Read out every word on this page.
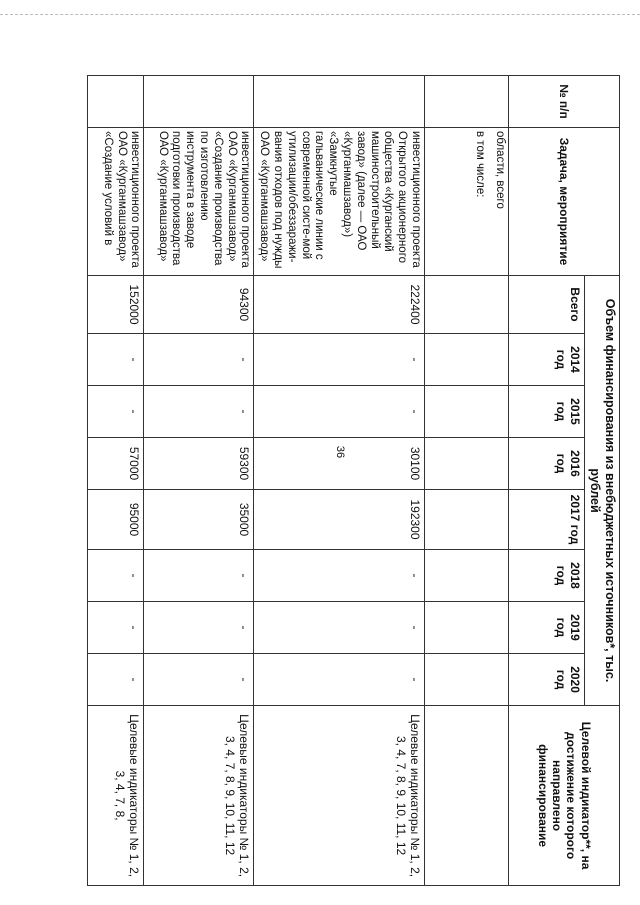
36
№ п/п	Задача, мероприятие	Объем финансирования из внебюджетных источников*, тыс. рублей								Целевой индикатор**, на достижение которого направлено финансирование
		Всего	2014 год	2015 год	2016 год	2017 год	2018 год	2019 год	2020 год	

	области, всего
в том числе:									

	инвестиционного проекта Открытого акционерного общества «Курганский машиностроительный завод» (далее — ОАО «Курганмашзавод») «Замкнутые гальванические линии с современной систе-мой утилизации/обеззарaжи-вания отходов под нужды ОАО «Курганмашзавод»	222400	-	-	30100	192300	-	-	-	Целевые индикаторы № 1, 2, 3, 4, 7, 8, 9, 10, 11, 12
	инвестиционного проекта ОАО «Курганмашзавод» «Создание производства по изготовлению инструмента в заводе подготовки производства ОАО «Курганмашзавод»	94300	-	-	59300	35000	-	-	-	Целевые индикаторы № 1, 2, 3, 4, 7, 8, 9, 10, 11, 12
	инвестиционного проекта ОАО «Курганмашзавод» «Создание условий в	152000	-	-	57000	95000	-	-	-	Целевые индикаторы № 1, 2, 3, 4, 7, 8,
